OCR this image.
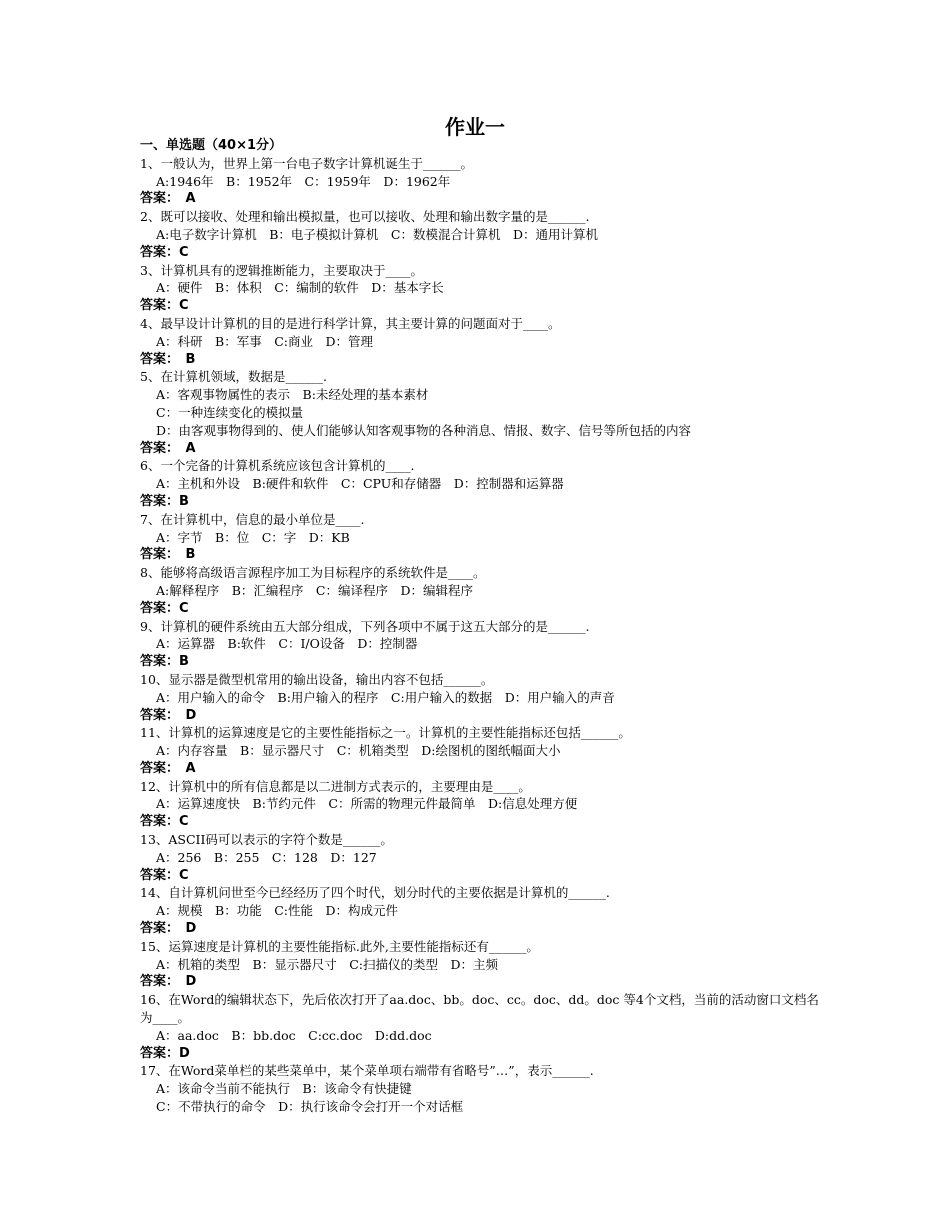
作业一
一、单选题（40×1分）
1、一般认为，世界上第一台电子数字计算机诞生于______。
A:1946年　B：1952年　C：1959年　D：1962年
答案：　A
2、既可以接收、处理和输出模拟量，也可以接收、处理和输出数字量的是______.
A:电子数字计算机　B：电子模拟计算机　C：数模混合计算机　D：通用计算机
答案：C
3、计算机具有的逻辑推断能力，主要取决于____。
A：硬件　B：体积　C：编制的软件　D：基本字长
答案：C
4、最早设计计算机的目的是进行科学计算，其主要计算的问题面对于____。
A：科研　B：军事　C:商业　D：管理
答案：　B
5、在计算机领域，数据是______.
A：客观事物属性的表示　B:未经处理的基本素材
C：一种连续变化的模拟量
D：由客观事物得到的、使人们能够认知客观事物的各种消息、情报、数字、信号等所包括的内容
答案：　A
6、一个完备的计算机系统应该包含计算机的____.
A：主机和外设　B:硬件和软件　C：CPU和存储器　D：控制器和运算器
答案：B
7、在计算机中，信息的最小单位是____.
A：字节　B：位　C：字　D：KB
答案：　B
8、能够将高级语言源程序加工为目标程序的系统软件是____。
A:解释程序　B：汇编程序　C：编译程序　D：编辑程序
答案：C
9、计算机的硬件系统由五大部分组成，下列各项中不属于这五大部分的是______.
A：运算器　B:软件　C：I/O设备　D：控制器
答案：B
10、显示器是微型机常用的输出设备，输出内容不包括______。
A：用户输入的命令　B:用户输入的程序　C:用户输入的数据　D：用户输入的声音
答案：　D
11、计算机的运算速度是它的主要性能指标之一。计算机的主要性能指标还包括______。
A：内存容量　B：显示器尺寸　C：机箱类型　D:绘图机的图纸幅面大小
答案：　A
12、计算机中的所有信息都是以二进制方式表示的，主要理由是____。
A：运算速度快　B:节约元件　C：所需的物理元件最简单　D:信息处理方便
答案：C
13、ASCII码可以表示的字符个数是______。
A：256　B：255　C：128　D：127
答案：C
14、自计算机问世至今已经经历了四个时代，划分时代的主要依据是计算机的______.
A：规模　B：功能　C:性能　D：构成元件
答案：　D
15、运算速度是计算机的主要性能指标.此外,主要性能指标还有______。
A：机箱的类型　B：显示器尺寸　C:扫描仪的类型　D：主频
答案：　D
16、在Word的编辑状态下，先后依次打开了aa.doc、bb。doc、cc。doc、dd。doc 等4个文档，当前的活动窗口文档名为____。
A：aa.doc　B：bb.doc　C:cc.doc　D:dd.doc
答案：D
17、在Word菜单栏的某些菜单中，某个菜单项右端带有省略号”…”，表示______.
A：该命令当前不能执行　B：该命令有快捷键
C：不带执行的命令　D：执行该命令会打开一个对话框
